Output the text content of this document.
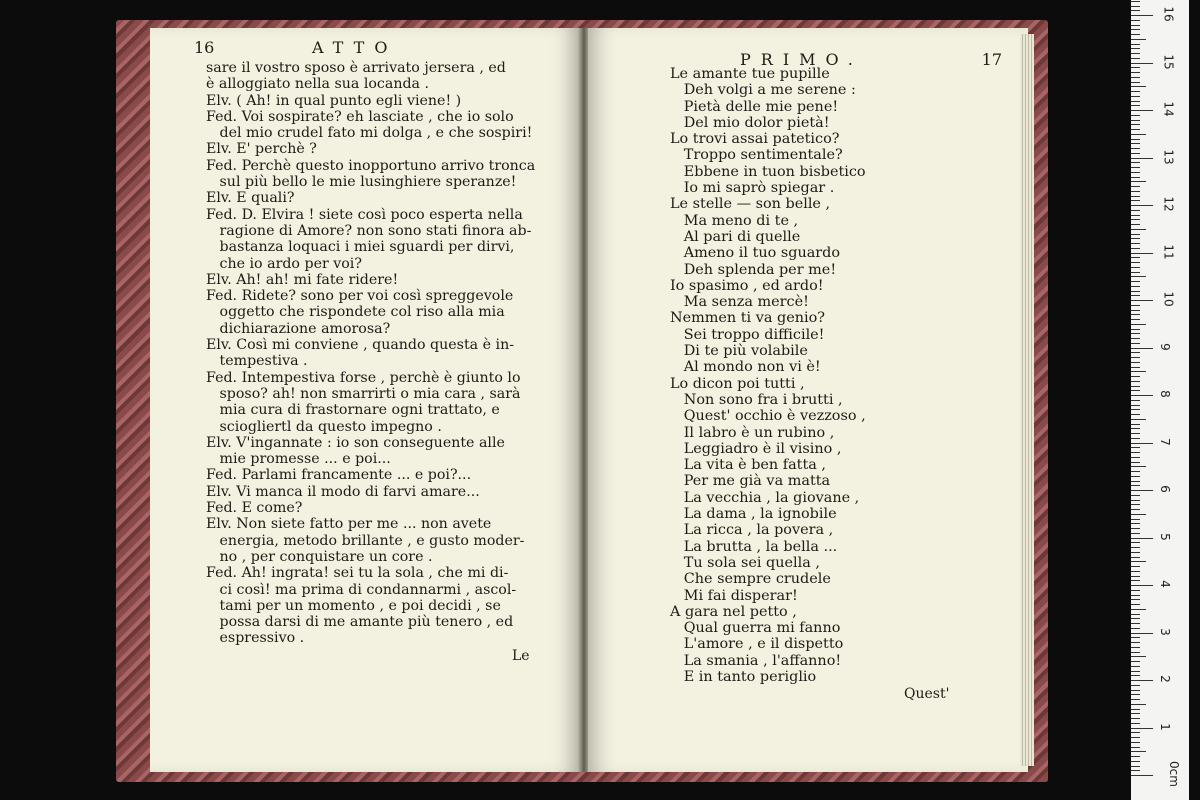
16	ATTO
sare il vostro sposo è arrivato jersera , ed
è alloggiato nella sua locanda .
Elv. ( Ah! in qual punto egli viene! )
Fed. Voi sospirate? eh lasciate , che io solo
del mio crudel fato mi dolga , e che sospiri!
Elv. E' perchè ?
Fed. Perchè questo inopportuno arrivo tronca
sul più bello le mie lusinghiere speranze!
Elv. E quali?
Fed. D. Elvira ! siete così poco esperta nella
ragione di Amore? non sono stati finora ab-
bastanza loquaci i miei sguardi per dirvi,
che io ardo per voi?
Elv. Ah! ah! mi fate ridere!
Fed. Ridete? sono per voi così spreggevole
oggetto che rispondete col riso alla mia
dichiarazione amorosa?
Elv. Così mi conviene , quando questa è in-
tempestiva .
Fed. Intempestiva forse , perchè è giunto lo
sposo? ah! non smarrirti o mia cara , sarà
mia cura di frastornare ogni trattato, e
sciogliertl da questo impegno .
Elv. V'ingannate : io son conseguente alle
mie promesse ... e poi...
Fed. Parlami francamente ... e poi?...
Elv. Vi manca il modo di farvi amare...
Fed. E come?
Elv. Non siete fatto per me ... non avete
energia, metodo brillante , e gusto moder-
no , per conquistare un core .
Fed. Ah! ingrata! sei tu la sola , che mi di-
ci così! ma prima di condannarmi , ascol-
tami per un momento , e poi decidi , se
possa darsi di me amante più tenero , ed
espressivo .
Le
PRIMO.	17
Le amante tue pupille
Deh volgi a me serene :
Pietà delle mie pene!
Del mio dolor pietà!
Lo trovi assai patetico?
Troppo sentimentale?
Ebbene in tuon bisbetico
Io mi saprò spiegar .
Le stelle — son belle ,
Ma meno di te ,
Al pari di quelle
Ameno il tuo sguardo
Deh splenda per me!
Io spasimo , ed ardo!
Ma senza mercè!
Nemmen ti va genio?
Sei troppo difficile!
Di te più volabile
Al mondo non vi è!
Lo dicon poi tutti ,
Non sono fra i brutti ,
Quest' occhio è vezzoso ,
Il labro è un rubino ,
Leggiadro è il visino ,
La vita è ben fatta ,
Per me già va matta
La vecchia , la giovane ,
La dama , la ignobile
La ricca , la povera ,
La brutta , la bella ...
Tu sola sei quella ,
Che sempre crudele
Mi fai disperar!
A gara nel petto ,
Qual guerra mi fanno
L'amore , e il dispetto
La smania , l'affanno!
E in tanto periglio
Quest'
0cm
1
2
3
4
5
6
7
8
9
10
11
12
13
14
15
16
